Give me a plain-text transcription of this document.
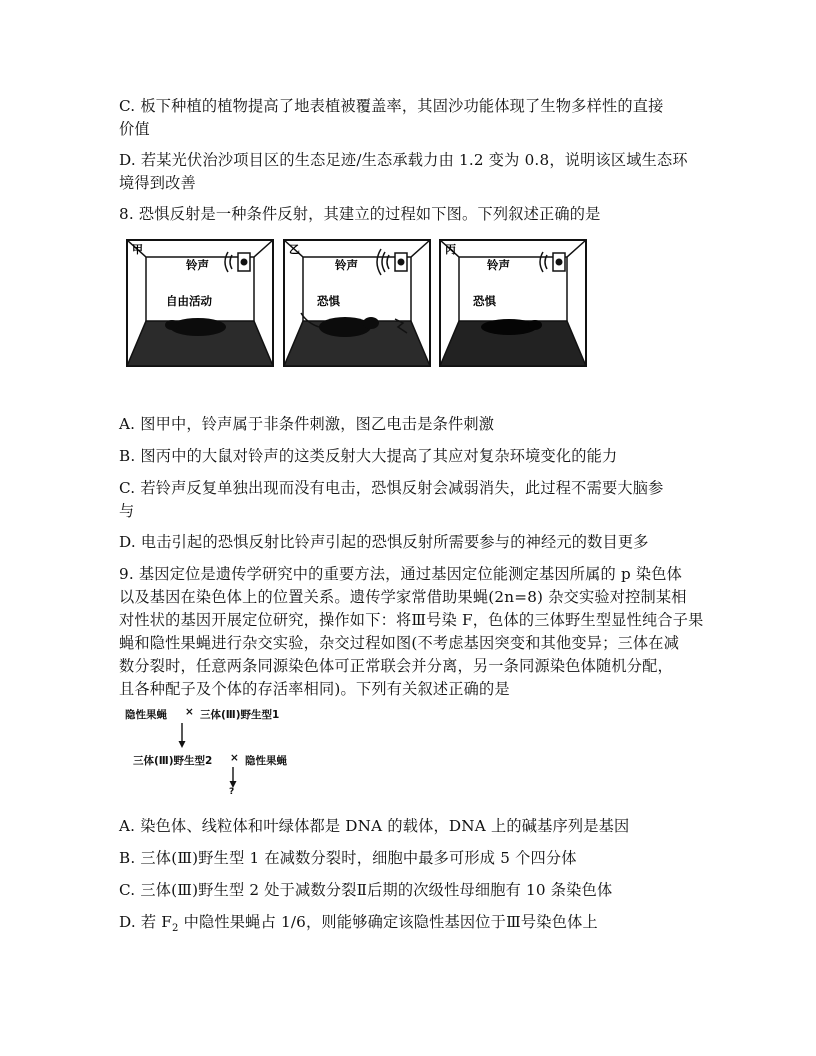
C. 板下种植的植物提高了地表植被覆盖率，其固沙功能体现了生物多样性的直接
价值
D. 若某光伏治沙项目区的生态足迹/生态承载力由 1.2 变为 0.8，说明该区域生态环
境得到改善
8. 恐惧反射是一种条件反射，其建立的过程如下图。下列叙述正确的是
甲
铃声
自由活动
乙
铃声
恐惧
丙
铃声
恐惧
A. 图甲中，铃声属于非条件刺激，图乙电击是条件刺激
B. 图丙中的大鼠对铃声的这类反射大大提高了其应对复杂环境变化的能力
C. 若铃声反复单独出现而没有电击，恐惧反射会减弱消失，此过程不需要大脑参
与
D. 电击引起的恐惧反射比铃声引起的恐惧反射所需要参与的神经元的数目更多
9. 基因定位是遗传学研究中的重要方法，通过基因定位能测定基因所属的 p 染色体
以及基因在染色体上的位置关系。遗传学家常借助果蝇(2n=8) 杂交实验对控制某相
对性状的基因开展定位研究，操作如下：将Ⅲ号染 F，色体的三体野生型显性纯合子果
蝇和隐性果蝇进行杂交实验，杂交过程如图(不考虑基因突变和其他变异；三体在减
数分裂时，任意两条同源染色体可正常联会并分离，另一条同源染色体随机分配，
且各种配子及个体的存活率相同)。下列有关叙述正确的是
隐性果蝇 × 三体(Ⅲ)野生型1
三体(Ⅲ)野生型2 × 隐性果蝇
?
A. 染色体、线粒体和叶绿体都是 DNA 的载体，DNA 上的碱基序列是基因
B. 三体(Ⅲ)野生型 1 在减数分裂时，细胞中最多可形成 5 个四分体
C. 三体(Ⅲ)野生型 2 处于减数分裂Ⅱ后期的次级性母细胞有 10 条染色体
D. 若 $F_2$ 中隐性果蝇占 1/6，则能够确定该隐性基因位于Ⅲ号染色体上
